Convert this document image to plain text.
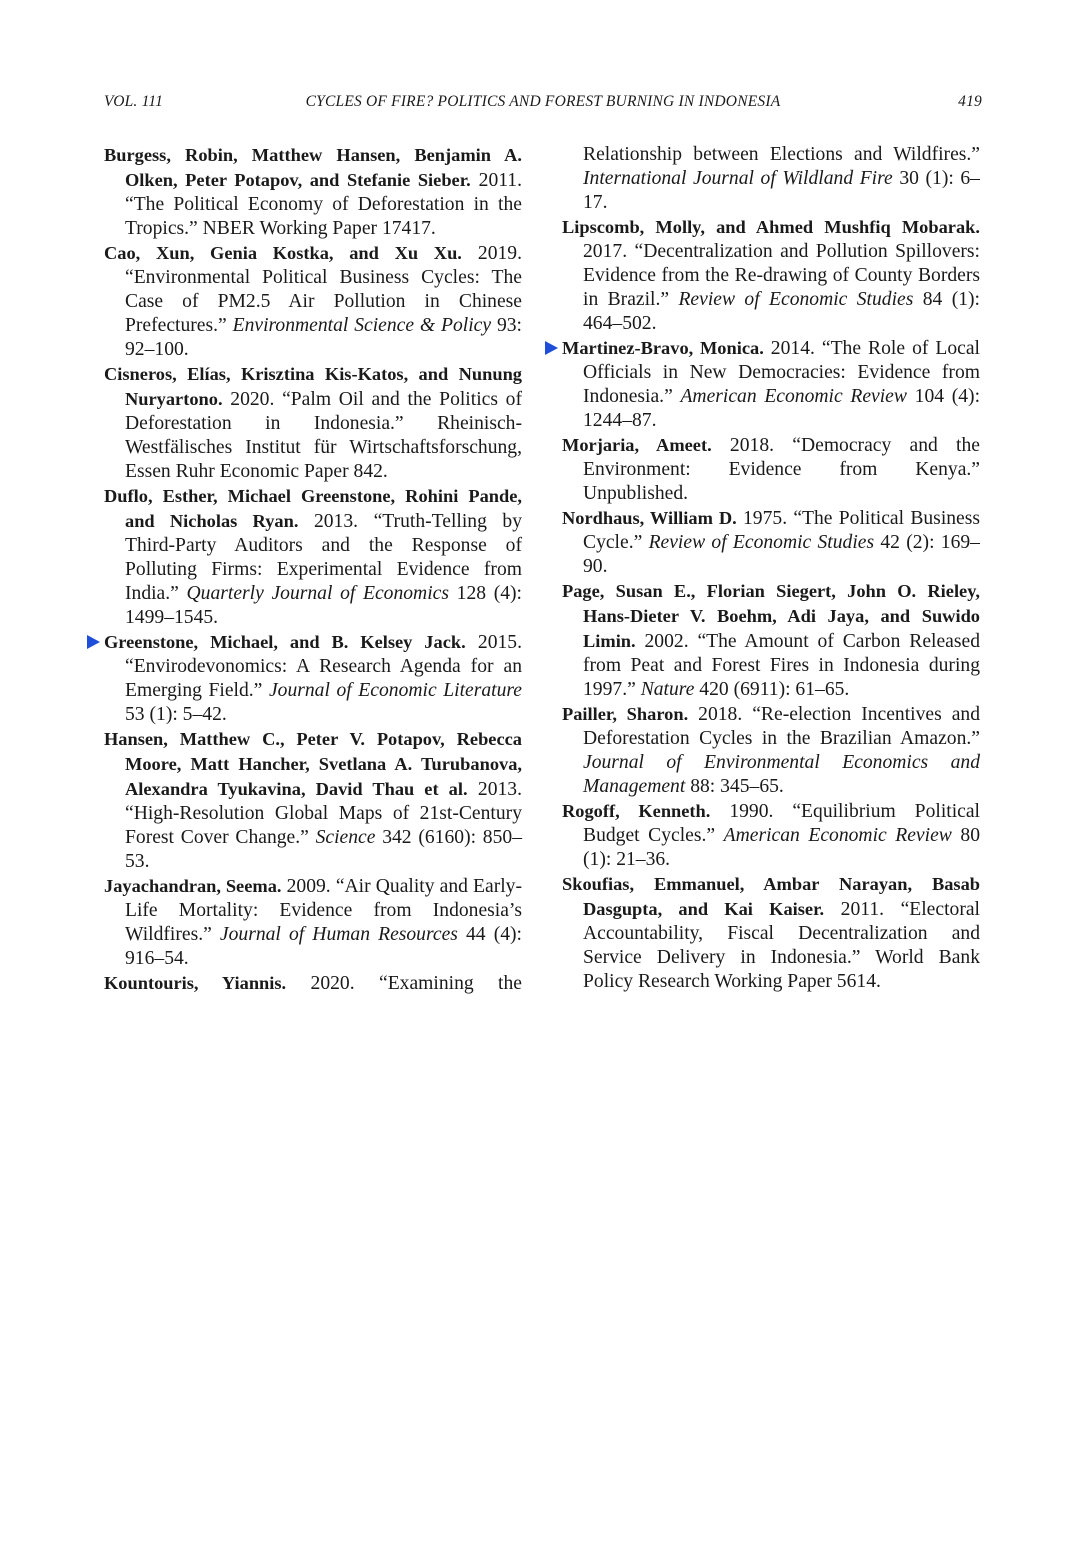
VOL. 111	CYCLES OF FIRE? POLITICS AND FOREST BURNING IN INDONESIA	419

Burgess, Robin, Matthew Hansen, Benjamin A. Olken, Peter Potapov, and Stefanie Sieber. 2011. “The Political Economy of Deforestation in the Tropics.” NBER Working Paper 17417.

Cao, Xun, Genia Kostka, and Xu Xu. 2019. “Environmental Political Business Cycles: The Case of PM2.5 Air Pollution in Chinese Prefectures.” Environmental Science & Policy 93: 92–100.

Cisneros, Elías, Krisztina Kis-Katos, and Nunung Nuryartono. 2020. “Palm Oil and the Politics of Deforestation in Indonesia.” Rheinisch-Westfälisches Institut für Wirtschaftsforschung, Essen Ruhr Economic Paper 842.

Duflo, Esther, Michael Greenstone, Rohini Pande, and Nicholas Ryan. 2013. “Truth-Telling by Third-Party Auditors and the Response of Polluting Firms: Experimental Evidence from India.” Quarterly Journal of Economics 128 (4): 1499–1545.

Greenstone, Michael, and B. Kelsey Jack. 2015. “Envirodevonomics: A Research Agenda for an Emerging Field.” Journal of Economic Literature 53 (1): 5–42.

Hansen, Matthew C., Peter V. Potapov, Rebecca Moore, Matt Hancher, Svetlana A. Turubanova, Alexandra Tyukavina, David Thau et al. 2013. “High-Resolution Global Maps of 21st-Century Forest Cover Change.” Science 342 (6160): 850–53.

Jayachandran, Seema. 2009. “Air Quality and Early-Life Mortality: Evidence from Indonesia’s Wildfires.” Journal of Human Resources 44 (4): 916–54.

Kountouris, Yiannis. 2020. “Examining the

Relationship between Elections and Wildfires.” International Journal of Wildland Fire 30 (1): 6–17.

Lipscomb, Molly, and Ahmed Mushfiq Mobarak. 2017. “Decentralization and Pollution Spillovers: Evidence from the Re-drawing of County Borders in Brazil.” Review of Economic Studies 84 (1): 464–502.

Martinez-Bravo, Monica. 2014. “The Role of Local Officials in New Democracies: Evidence from Indonesia.” American Economic Review 104 (4): 1244–87.

Morjaria, Ameet. 2018. “Democracy and the Environment: Evidence from Kenya.” Unpublished.

Nordhaus, William D. 1975. “The Political Business Cycle.” Review of Economic Studies 42 (2): 169–90.

Page, Susan E., Florian Siegert, John O. Rieley, Hans-Dieter V. Boehm, Adi Jaya, and Suwido Limin. 2002. “The Amount of Carbon Released from Peat and Forest Fires in Indonesia during 1997.” Nature 420 (6911): 61–65.

Pailler, Sharon. 2018. “Re-election Incentives and Deforestation Cycles in the Brazilian Amazon.” Journal of Environmental Economics and Management 88: 345–65.

Rogoff, Kenneth. 1990. “Equilibrium Political Budget Cycles.” American Economic Review 80 (1): 21–36.

Skoufias, Emmanuel, Ambar Narayan, Basab Dasgupta, and Kai Kaiser. 2011. “Electoral Accountability, Fiscal Decentralization and Service Delivery in Indonesia.” World Bank Policy Research Working Paper 5614.
